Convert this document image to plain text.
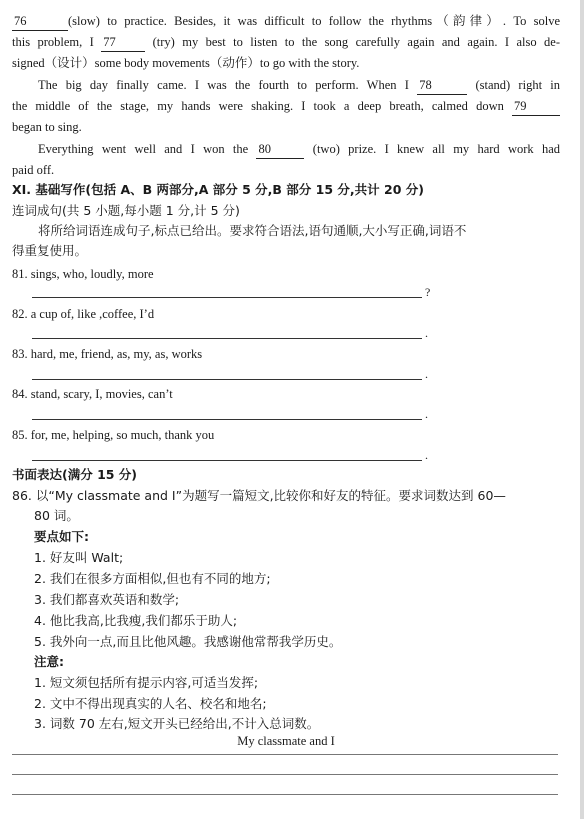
76	(slow) to practice. Besides, it was difficult to follow the rhythms（韵律）. To solve
this problem, I 77	(try) my best to listen to the song carefully again and again. I also de-
signed（设计）some body movements（动作）to go with the story.
The big day finally came. I was the fourth to perform. When I 78	(stand) right in
the middle of the stage, my hands were shaking. I took a deep breath, calmed down 79
began to sing.
Everything went well and I won the 80	(two) prize. I knew all my hard work had
paid off.
XI. 基础写作(包括 A、B 两部分,A 部分 5 分,B 部分 15 分,共计 20 分)
连词成句(共 5 小题,每小题 1 分,计 5 分)
将所给词语连成句子,标点已给出。要求符合语法,语句通顺,大小写正确,词语不
得重复使用。
81. sings, who, loudly, more
?
82. a cup of, like ,coffee, I’d
.
83. hard, me, friend, as, my, as, works
.
84. stand, scary, I, movies, can’t
.
85. for, me, helping, so much, thank you
.
书面表达(满分 15 分)
86. 以“My classmate and I”为题写一篇短文,比较你和好友的特征。要求词数达到 60—
80 词。
要点如下:
1. 好友叫 Walt;
2. 我们在很多方面相似,但也有不同的地方;
3. 我们都喜欢英语和数学;
4. 他比我高,比我瘦,我们都乐于助人;
5. 我外向一点,而且比他风趣。我感谢他常帮我学历史。
注意:
1. 短文须包括所有提示内容,可适当发挥;
2. 文中不得出现真实的人名、校名和地名;
3. 词数 70 左右,短文开头已经给出,不计入总词数。
My classmate and I
